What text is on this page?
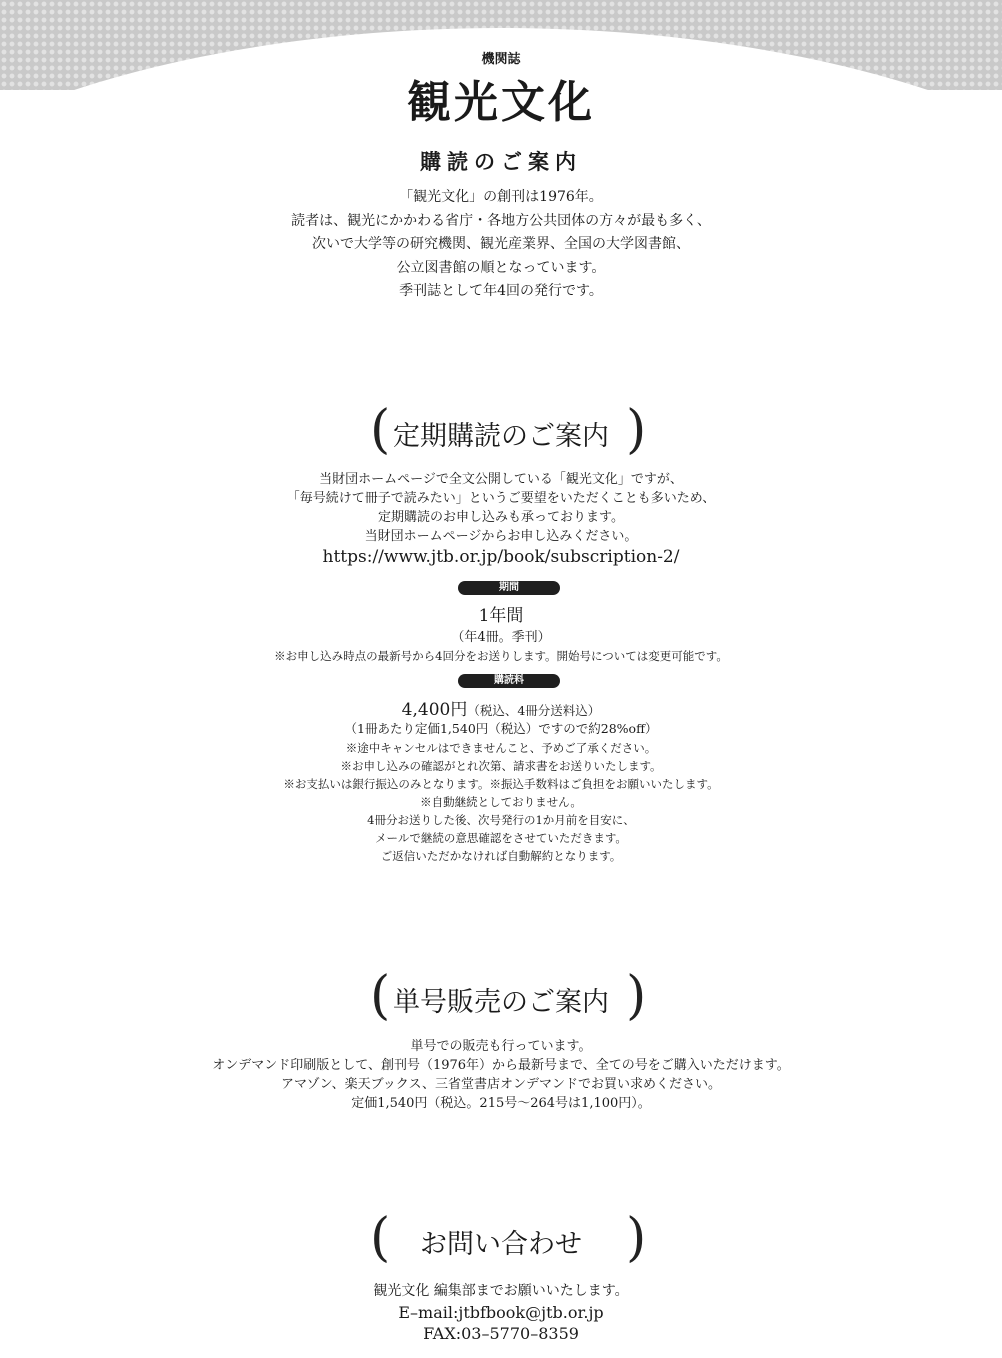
機関誌
観光文化
購読のご案内
「観光文化」の創刊は1976年。
読者は、観光にかかわる省庁・各地方公共団体の方々が最も多く、
次いで大学等の研究機関、観光産業界、全国の大学図書館、
公立図書館の順となっています。
季刊誌として年4回の発行です。
( 定期購読のご案内 )
当財団ホームページで全文公開している「観光文化」ですが、
「毎号続けて冊子で読みたい」というご要望をいただくことも多いため、
定期購読のお申し込みも承っております。
当財団ホームページからお申し込みください。
https://www.jtb.or.jp/book/subscription-2/
期間
1年間
（年4冊。季刊）
※お申し込み時点の最新号から4回分をお送りします。開始号については変更可能です。
購読料
4,400円（税込、4冊分送料込）
（1冊あたり定価1,540円（税込）ですので約28%off）
※途中キャンセルはできませんこと、予めご了承ください。
※お申し込みの確認がとれ次第、請求書をお送りいたします。
※お支払いは銀行振込のみとなります。※振込手数料はご負担をお願いいたします。
※自動継続としておりません。
4冊分お送りした後、次号発行の1か月前を目安に、
メールで継続の意思確認をさせていただきます。
ご返信いただかなければ自動解約となります。
( 単号販売のご案内 )
単号での販売も行っています。
オンデマンド印刷版として、創刊号（1976年）から最新号まで、全ての号をご購入いただけます。
アマゾン、楽天ブックス、三省堂書店オンデマンドでお買い求めください。
定価1,540円（税込。215号～264号は1,100円）。
(	お問い合わせ )
観光文化 編集部までお願いいたします。
E–mail:jtbfbook@jtb.or.jp
FAX:03–5770–8359
